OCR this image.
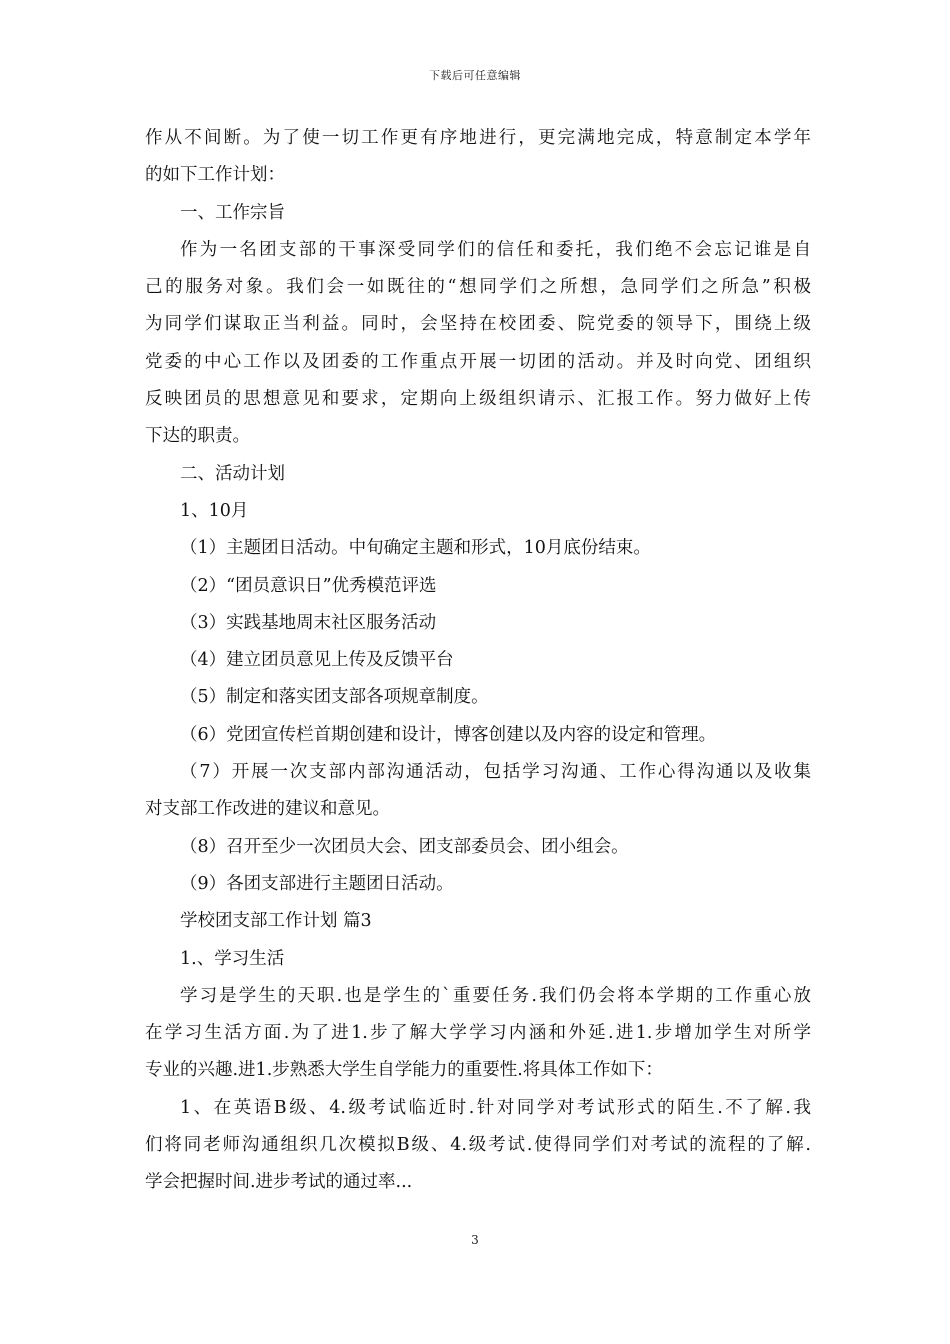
下载后可任意编辑

作从不间断。为了使一切工作更有序地进行，更完满地完成，特意制定本学年

的如下工作计划：

一、工作宗旨

作为一名团支部的干事深受同学们的信任和委托，我们绝不会忘记谁是自

己的服务对象。我们会一如既往的“想同学们之所想，急同学们之所急”积极

为同学们谋取正当利益。同时，会坚持在校团委、院党委的领导下，围绕上级

党委的中心工作以及团委的工作重点开展一切团的活动。并及时向党、团组织

反映团员的思想意见和要求，定期向上级组织请示、汇报工作。努力做好上传

下达的职责。

二、活动计划

1、10月

（1）主题团日活动。中旬确定主题和形式，10月底份结束。

（2）“团员意识日”优秀模范评选

（3）实践基地周末社区服务活动

（4）建立团员意见上传及反馈平台

（5）制定和落实团支部各项规章制度。

（6）党团宣传栏首期创建和设计，博客创建以及内容的设定和管理。

（7）开展一次支部内部沟通活动，包括学习沟通、工作心得沟通以及收集

对支部工作改进的建议和意见。

（8）召开至少一次团员大会、团支部委员会、团小组会。

（9）各团支部进行主题团日活动。

学校团支部工作计划 篇3

1.、学习生活

学习是学生的天职.也是学生的`重要任务.我们仍会将本学期的工作重心放

在学习生活方面.为了进1.步了解大学学习内涵和外延.进1.步增加学生对所学

专业的兴趣.进1.步熟悉大学生自学能力的重要性.将具体工作如下：

1、在英语B级、4.级考试临近时.针对同学对考试形式的陌生.不了解.我

们将同老师沟通组织几次模拟B级、4.级考试.使得同学们对考试的流程的了解.

学会把握时间.进步考试的通过率...

3
